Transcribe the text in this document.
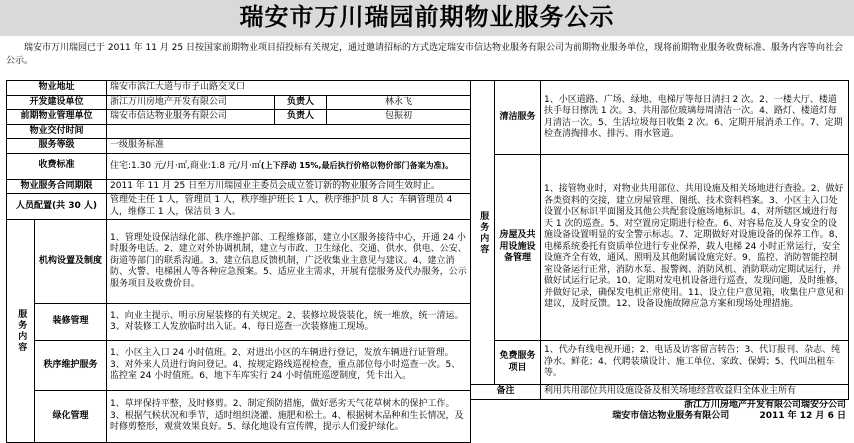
瑞安市万川瑞园前期物业服务公示

瑞安市万川瑞园已于 2011 年 11 月 25 日按国家前期物业项目招投标有关规定，通过邀请招标的方式选定瑞安市信达物业服务有限公司为前期物业服务单位，现将前期物业服务收费标准、服务内容等向社会公示。

物业地址		瑞安市滨江大道与市子山路交叉口		
开发建设单位		浙江万川房地产开发有限公司	负责人	林永飞
前期物业管理单位		瑞安市信达物业服务有限公司	负责人	包振初
物业交付时间				
服务等级		一级服务标准		
收费标准		住宅:1.30 元/月·㎡,商业:1.8 元/月·㎡(上下浮动 15%,最后执行价格以物价部门备案为准)。		
物业服务合同期限		2011 年 11 月 25 日至万川瑞园业主委员会成立签订新的物业服务合同生效时止。		
人员配置(共 30 人)		管理处主任 1 人，管理员 1 人，秩序维护班长 1 人，秩序维护员 8 人；车辆管理员 4 人，维修工 1 人，保洁员 3 人。		
服务内容	机构设置及制度	1、管理处设保洁绿化部、秩序维护部、工程维修部，建立小区服务接待中心，开通 24 小时服务电话。2、建立对外协调机制，建立与市政、卫生绿化、交通、供水、供电、公安、街道等部门的联系沟通。3、建立信息反馈机制，广泛收集业主意见与建议。4、建立消防、火警、电梯困人等各种应急预案。5、适应业主需求，开展有偿服务及代办服务，公示服务项目及收费价目。		
	装修管理	1、向业主提示、明示房屋装修的有关规定。2、装修垃圾袋装化，统一堆放，统一清运。3、对装修工人发放临时出入证。4、每日巡查一次装修施工现场。		
	秩序维护服务	1、小区主入口 24 小时值班。2、对进出小区的车辆进行登记，发放车辆进行证管理。3、对外来人员进行询问登记。4、按规定路线巡视检查，重点部位每小时巡查一次。5、监控室 24 小时值班。6、地下车库实行 24 小时值班巡逻制度，凭卡出入。		
	绿化管理	1、草坪保持平整，及时修剪。2、制定预防措施，做好恶劣天气花草树木的保护工作。3、根据气候状况和季节，适时组织浇灌、施肥和松土。4、根据树木品种和生长情况，及时修剪整形，观赏效果良好。5、绿化地设有宣传牌，提示人们爱护绿化。		
服务内容	清洁服务	1、小区道路、广场、绿地、电梯厅等每日清扫 2 次。2、一楼大厅、楼道扶手每日擦洗 1 次。3、共用部位玻璃每周清洁一次。4、路灯、楼道灯每月清洁一次。5、生活垃圾每日收集 2 次。6、定期开展消杀工作。7、定期检查清掏排水、排污、雨水管道。
	房屋及共用设施设备管理	1、接管物业时，对物业共用部位、共用设施及相关场地进行查验。2、做好各类资料的交接，建立房屋管理、图纸、技术资料档案。3、小区主入口处设置小区标识平面图及其他公共配套设施场地标识。4、对所辖区域进行每天 1 次的巡查。5、对空置房定期进行检查。6、对容易危及人身安全的设施设备设置明显的安全警示标志。7、定期做好对设施设备的保养工作。8、电梯系统委托有资质单位进行专业保养，载人电梯 24 小时正常运行，安全设施齐全有效，通风、照明及其他附属设施完好。9、监控、消防智能控制室设备运行正常，消防水泵、报警阀、消防风机、消防联动定期试运行，并做好试运行记录。10、定期对发电机设备进行巡查，发现问题，及时维修，并做好记录，确保发电机正常使用。11、设立住户意见箱，收集住户意见和建议，及时反馈。12、设备设施故障应急方案和现场处理措施。
	免费服务项目	1、代办有线电视开通；2、电话及访客留言转告；3、代订报刊、杂志、纯净水、鲜花；4、代聘装璜设计、施工单位、家政、保姆；5、代叫出租车等。
备注		利用共用部位共用设施设备及相关场地经营收益归全体业主所有
浙江万川房地产开发有限公司瑞安分公司
瑞安市信达物业服务有限公司	2011 年 12 月 6 日
